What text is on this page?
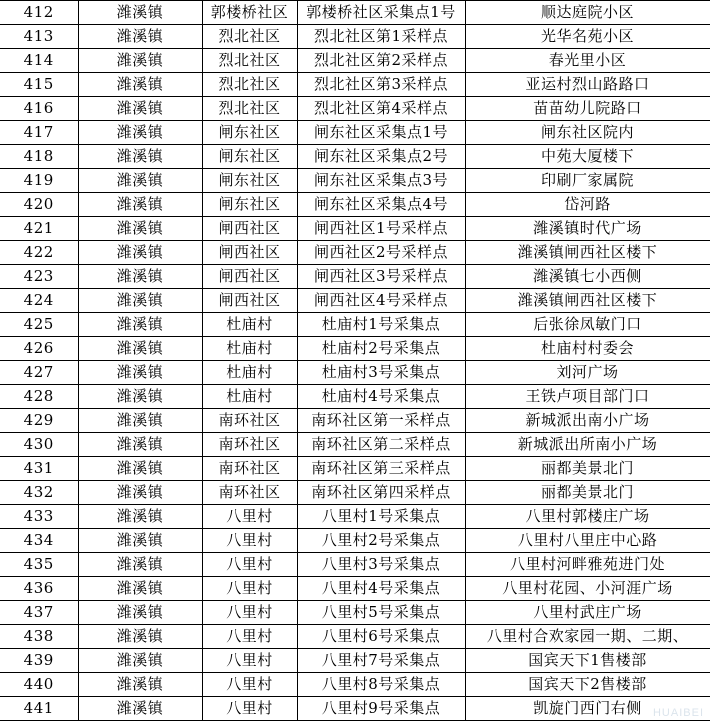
412	潍溪镇	郭楼桥社区	郭楼桥社区采集点1号	顺达庭院小区
413	潍溪镇	烈北社区	烈北社区第1采样点	光华名苑小区
414	潍溪镇	烈北社区	烈北社区第2采样点	春光里小区
415	潍溪镇	烈北社区	烈北社区第3采样点	亚运村烈山路路口
416	潍溪镇	烈北社区	烈北社区第4采样点	苗苗幼儿院路口
417	潍溪镇	闸东社区	闸东社区采集点1号	闸东社区院内
418	潍溪镇	闸东社区	闸东社区采集点2号	中苑大厦楼下
419	潍溪镇	闸东社区	闸东社区采集点3号	印刷厂家属院
420	潍溪镇	闸东社区	闸东社区采集点4号	岱河路
421	潍溪镇	闸西社区	闸西社区1号采样点	潍溪镇时代广场
422	潍溪镇	闸西社区	闸西社区2号采样点	潍溪镇闸西社区楼下
423	潍溪镇	闸西社区	闸西社区3号采样点	潍溪镇七小西侧
424	潍溪镇	闸西社区	闸西社区4号采样点	潍溪镇闸西社区楼下
425	潍溪镇	杜庙村	杜庙村1号采集点	后张徐凤敏门口
426	潍溪镇	杜庙村	杜庙村2号采集点	杜庙村村委会
427	潍溪镇	杜庙村	杜庙村3号采集点	刘河广场
428	潍溪镇	杜庙村	杜庙村4号采集点	王铁卢项目部门口
429	潍溪镇	南环社区	南环社区第一采样点	新城派出南小广场
430	潍溪镇	南环社区	南环社区第二采样点	新城派出所南小广场
431	潍溪镇	南环社区	南环社区第三采样点	丽都美景北门
432	潍溪镇	南环社区	南环社区第四采样点	丽都美景北门
433	潍溪镇	八里村	八里村1号采集点	八里村郭楼庄广场
434	潍溪镇	八里村	八里村2号采集点	八里村八里庄中心路
435	潍溪镇	八里村	八里村3号采集点	八里村河畔雅苑进门处
436	潍溪镇	八里村	八里村4号采集点	八里村花园、小河涯广场
437	潍溪镇	八里村	八里村5号采集点	八里村武庄广场
438	潍溪镇	八里村	八里村6号采集点	八里村合欢家园一期、二期、
439	潍溪镇	八里村	八里村7号采集点	国宾天下1售楼部
440	潍溪镇	八里村	八里村8号采集点	国宾天下2售楼部
441	潍溪镇	八里村	八里村9号采集点	凯旋门西门右侧 HUAIBEI
